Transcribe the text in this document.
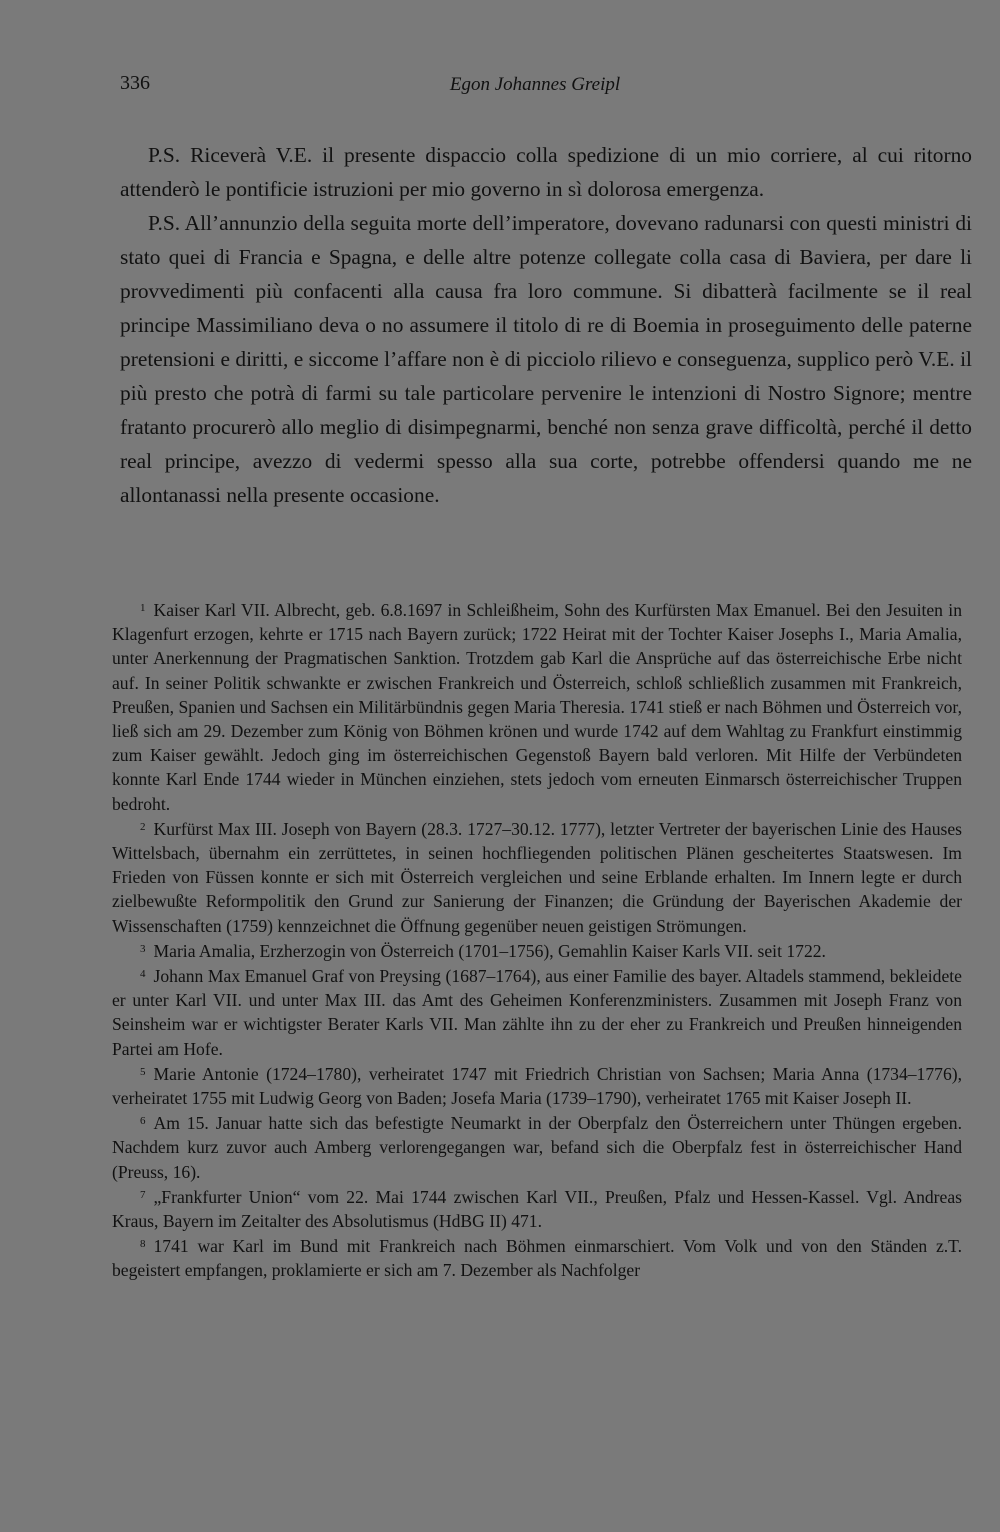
336	Egon Johannes Greipl

P.S. Riceverà V.E. il presente dispaccio colla spedizione di un mio corriere, al cui ritorno attenderò le pontificie istruzioni per mio governo in sì dolorosa emergenza.

P.S. All’annunzio della seguita morte dell’imperatore, dovevano radunarsi con questi ministri di stato quei di Francia e Spagna, e delle altre potenze collegate colla casa di Baviera, per dare li provvedimenti più confacenti alla causa fra loro commune. Si dibatterà facilmente se il real principe Massimiliano deva o no assumere il titolo di re di Boemia in proseguimento delle paterne pretensioni e diritti, e siccome l’affare non è di picciolo rilievo e conseguenza, supplico però V.E. il più presto che potrà di farmi su tale particolare pervenire le intenzioni di Nostro Signore; mentre fratanto procurerò allo meglio di disimpegnarmi, benché non senza grave difficoltà, perché il detto real principe, avezzo di vedermi spesso alla sua corte, potrebbe offendersi quando me ne allontanassi nella presente occasione.

$^1$ Kaiser Karl VII. Albrecht, geb. 6.8.1697 in Schleißheim, Sohn des Kurfürsten Max Emanuel. Bei den Jesuiten in Klagenfurt erzogen, kehrte er 1715 nach Bayern zurück; 1722 Heirat mit der Tochter Kaiser Josephs I., Maria Amalia, unter Anerkennung der Pragmatischen Sanktion. Trotzdem gab Karl die Ansprüche auf das österreichische Erbe nicht auf. In seiner Politik schwankte er zwischen Frankreich und Österreich, schloß schließlich zusammen mit Frankreich, Preußen, Spanien und Sachsen ein Militärbündnis gegen Maria Theresia. 1741 stieß er nach Böhmen und Österreich vor, ließ sich am 29. Dezember zum König von Böhmen krönen und wurde 1742 auf dem Wahltag zu Frankfurt einstimmig zum Kaiser gewählt. Jedoch ging im österreichischen Gegenstoß Bayern bald verloren. Mit Hilfe der Verbündeten konnte Karl Ende 1744 wieder in München einziehen, stets jedoch vom erneuten Einmarsch österreichischer Truppen bedroht.

$^2$ Kurfürst Max III. Joseph von Bayern (28.3. 1727–30.12. 1777), letzter Vertreter der bayerischen Linie des Hauses Wittelsbach, übernahm ein zerrüttetes, in seinen hochfliegenden politischen Plänen gescheitertes Staatswesen. Im Frieden von Füssen konnte er sich mit Österreich vergleichen und seine Erblande erhalten. Im Innern legte er durch zielbewußte Reformpolitik den Grund zur Sanierung der Finanzen; die Gründung der Bayerischen Akademie der Wissenschaften (1759) kennzeichnet die Öffnung gegenüber neuen geistigen Strömungen.

$^3$ Maria Amalia, Erzherzogin von Österreich (1701–1756), Gemahlin Kaiser Karls VII. seit 1722.

$^4$ Johann Max Emanuel Graf von Preysing (1687–1764), aus einer Familie des bayer. Altadels stammend, bekleidete er unter Karl VII. und unter Max III. das Amt des Geheimen Konferenzministers. Zusammen mit Joseph Franz von Seinsheim war er wichtigster Berater Karls VII. Man zählte ihn zu der eher zu Frankreich und Preußen hinneigenden Partei am Hofe.

$^5$ Marie Antonie (1724–1780), verheiratet 1747 mit Friedrich Christian von Sachsen; Maria Anna (1734–1776), verheiratet 1755 mit Ludwig Georg von Baden; Josefa Maria (1739–1790), verheiratet 1765 mit Kaiser Joseph II.

$^6$ Am 15. Januar hatte sich das befestigte Neumarkt in der Oberpfalz den Österreichern unter Thüngen ergeben. Nachdem kurz zuvor auch Amberg verlorengegangen war, befand sich die Oberpfalz fest in österreichischer Hand (Preuss, 16).

$^7$ „Frankfurter Union“ vom 22. Mai 1744 zwischen Karl VII., Preußen, Pfalz und Hessen-Kassel. Vgl. Andreas Kraus, Bayern im Zeitalter des Absolutismus (HdBG II) 471.

$^8$ 1741 war Karl im Bund mit Frankreich nach Böhmen einmarschiert. Vom Volk und von den Ständen z.T. begeistert empfangen, proklamierte er sich am 7. Dezember als Nachfolger
